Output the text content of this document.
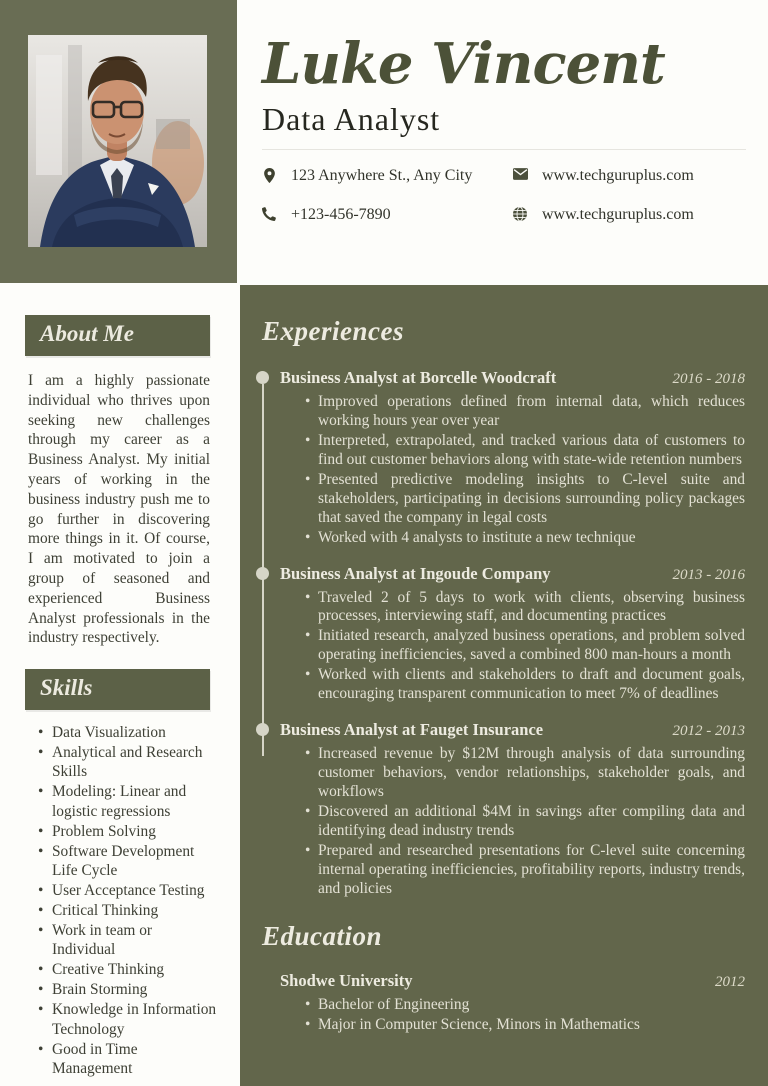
Luke Vincent
Data Analyst
123 Anywhere St., Any City	www.techguruplus.com
+123-456-7890	www.techguruplus.com
About Me

I am a highly passionate individual who thrives upon seeking new challenges through my career as a Business Analyst. My initial years of working in the business industry push me to go further in discovering more things in it. Of course, I am motivated to join a group of seasoned and experienced Business Analyst professionals in the industry respectively.

Skills
• Data Visualization
• Analytical and Research Skills
• Modeling: Linear and logistic regressions
• Problem Solving
• Software Development Life Cycle
• User Acceptance Testing
• Critical Thinking
• Work in team or Individual
• Creative Thinking
• Brain Storming
• Knowledge in Information Technology
• Good in Time Management
Experiences
Business Analyst at Borcelle Woodcraft	2016 - 2018
• Improved operations defined from internal data, which reduces working hours year over year
• Interpreted, extrapolated, and tracked various data of customers to find out customer behaviors along with state-wide retention numbers
• Presented predictive modeling insights to C-level suite and stakeholders, participating in decisions surrounding policy packages that saved the company in legal costs
• Worked with 4 analysts to institute a new technique
Business Analyst at Ingoude Company	2013 - 2016
• Traveled 2 of 5 days to work with clients, observing business processes, interviewing staff, and documenting practices
• Initiated research, analyzed business operations, and problem solved operating inefficiencies, saved a combined 800 man-hours a month
• Worked with clients and stakeholders to draft and document goals, encouraging transparent communication to meet 7% of deadlines
Business Analyst at Fauget Insurance	2012 - 2013
• Increased revenue by $12M through analysis of data surrounding customer behaviors, vendor relationships, stakeholder goals, and workflows
• Discovered an additional $4M in savings after compiling data and identifying dead industry trends
• Prepared and researched presentations for C-level suite concerning internal operating inefficiencies, profitability reports, industry trends, and policies
Education
Shodwe University	2012
• Bachelor of Engineering
• Major in Computer Science, Minors in Mathematics
